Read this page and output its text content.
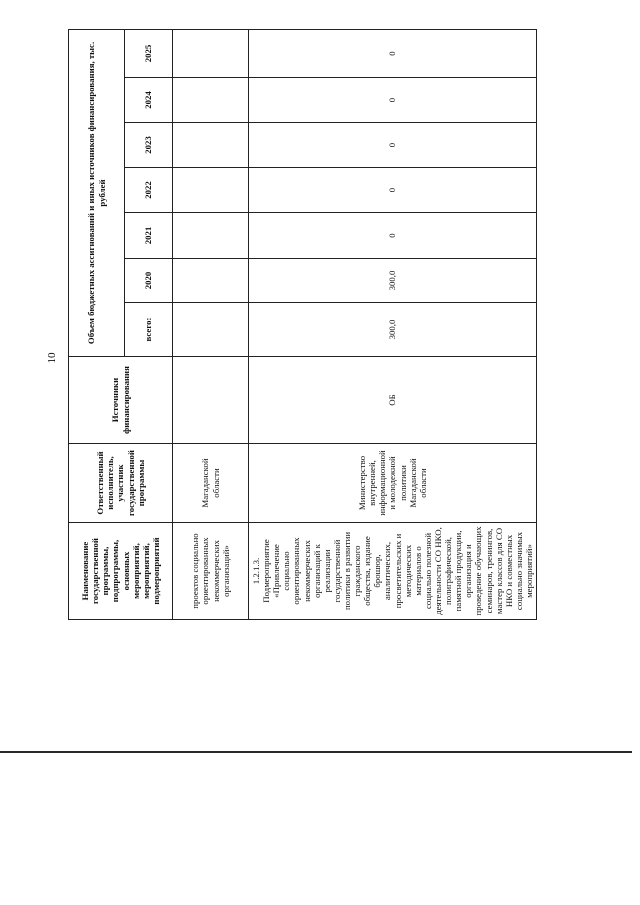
10
Наименование государственной программы, подпрограммы, основных мероприятий, мероприятий, подмероприятий	Ответственный исполнитель, участник государственной программы	Источники финансирования	Объем бюджетных ассигнований и иных источников финансирования, тыс. рублей						
			всего:	2020	2021	2022	2023	2024	2025
проектов социально ориентированных некоммерческих организаций»	Магаданской области								
1.2.1.3. Подмероприятие «Привлечение социально ориентированных некоммерческих организаций к реализации государственной политики в развитии гражданского общества, издание брошюр, аналитических, просветительских и методических материалов о социально полезной деятельности СО НКО, полиграфической, памятной продукции, организация и проведение обучающих семинаров, тренингов, мастер классов для СО НКО и совместных социально значимых мероприятий»	Министерство внутренней, информационной и молодежной политики Магаданской области	ОБ	300,0	300,0	0	0	0	0	0
